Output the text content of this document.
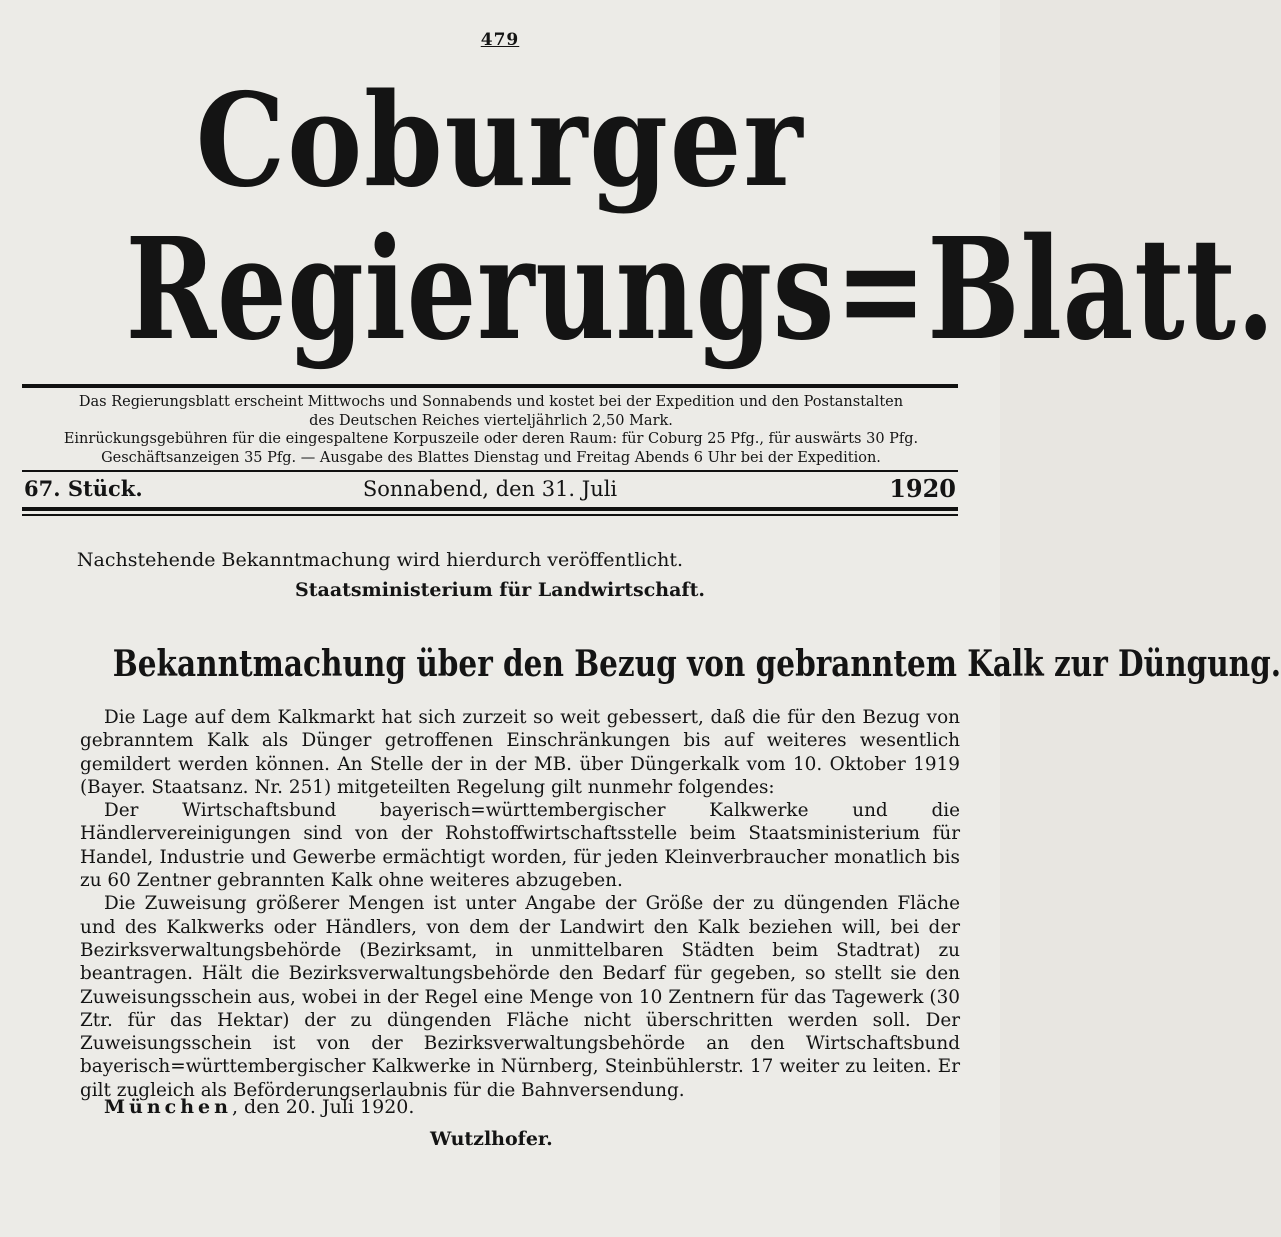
479
Coburger
Regierungs=Blatt.

Das Regierungsblatt erscheint Mittwochs und Sonnabends und kostet bei der Expedition und den Postanstalten

des Deutschen Reiches vierteljährlich 2,50 Mark.

Einrückungsgebühren für die eingespaltene Korpuszeile oder deren Raum: für Coburg 25 Pfg., für auswärts 30 Pfg.

Geschäftsanzeigen 35 Pfg. — Ausgabe des Blattes Dienstag und Freitag Abends 6 Uhr bei der Expedition.

Sonnabend, den 31. Juli
67. Stück.	1920
Nachstehende Bekanntmachung wird hierdurch veröffentlicht.
Staatsministerium für Landwirtschaft.
Bekanntmachung über den Bezug von gebranntem Kalk zur Düngung.

Die Lage auf dem Kalkmarkt hat sich zurzeit so weit gebessert, daß die für den Bezug von gebranntem Kalk als Dünger getroffenen Einschränkungen bis auf weiteres wesentlich gemildert werden können. An Stelle der in der MB. über Düngerkalk vom 10. Oktober 1919 (Bayer. Staatsanz. Nr. 251) mitgeteilten Regelung gilt nunmehr folgendes:

Der Wirtschaftsbund bayerisch=württembergischer Kalkwerke und die Händlervereinigungen sind von der Rohstoffwirtschaftsstelle beim Staatsministerium für Handel, Industrie und Gewerbe ermächtigt worden, für jeden Kleinverbraucher monatlich bis zu 60 Zentner gebrannten Kalk ohne weiteres abzugeben.

Die Zuweisung größerer Mengen ist unter Angabe der Größe der zu düngenden Fläche und des Kalkwerks oder Händlers, von dem der Landwirt den Kalk beziehen will, bei der Bezirksverwaltungsbehörde (Bezirksamt, in unmittelbaren Städten beim Stadtrat) zu beantragen. Hält die Bezirksverwaltungsbehörde den Bedarf für gegeben, so stellt sie den Zuweisungsschein aus, wobei in der Regel eine Menge von 10 Zentnern für das Tagewerk (30 Ztr. für das Hektar) der zu düngenden Fläche nicht überschritten werden soll. Der Zuweisungsschein ist von der Bezirksverwaltungsbehörde an den Wirtschaftsbund bayerisch=württembergischer Kalkwerke in Nürnberg, Steinbühlerstr. 17 weiter zu leiten. Er gilt zugleich als Beförderungserlaubnis für die Bahnversendung.

München, den 20. Juli 1920.
Wutzlhofer.
